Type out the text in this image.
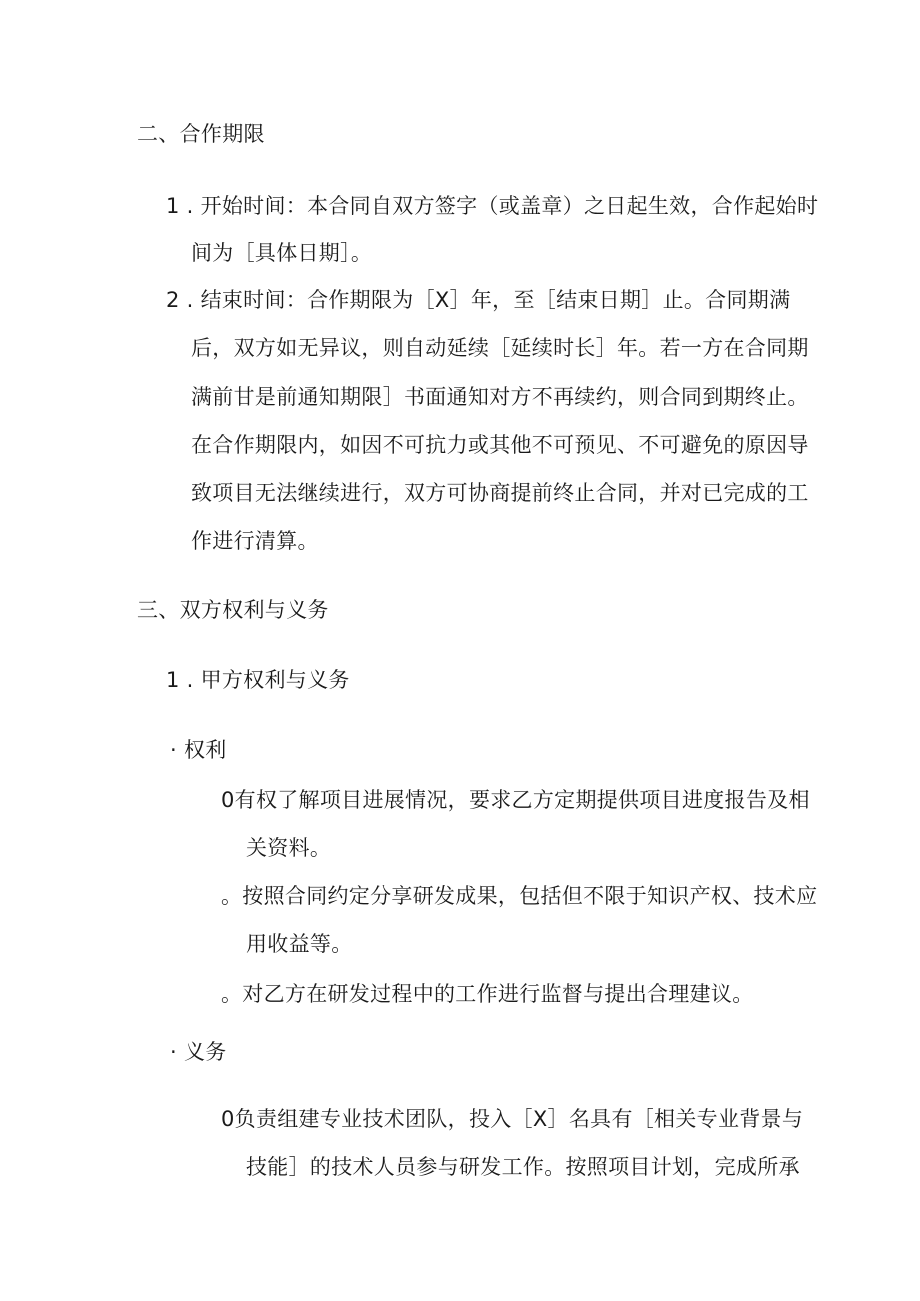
二、合作期限
1 . 开始时间：本合同自双方签字（或盖章）之日起生效，合作起始时
间为［具体日期］。
2 . 结束时间：合作期限为［X］年，至［结束日期］止。合同期满
后，双方如无异议，则自动延续［延续时长］年。若一方在合同期
满前甘是前通知期限］书面通知对方不再续约，则合同到期终止。
在合作期限内，如因不可抗力或其他不可预见、不可避免的原因导
致项目无法继续进行，双方可协商提前终止合同，并对已完成的工
作进行清算。
三、双方权利与义务
1 . 甲方权利与义务
· 权利
0有权了解项目进展情况，要求乙方定期提供项目进度报告及相
关资料。
。按照合同约定分享研发成果，包括但不限于知识产权、技术应
用收益等。
。对乙方在研发过程中的工作进行监督与提出合理建议。
· 义务
0负责组建专业技术团队，投入［X］名具有［相关专业背景与
技能］的技术人员参与研发工作。按照项目计划，完成所承
